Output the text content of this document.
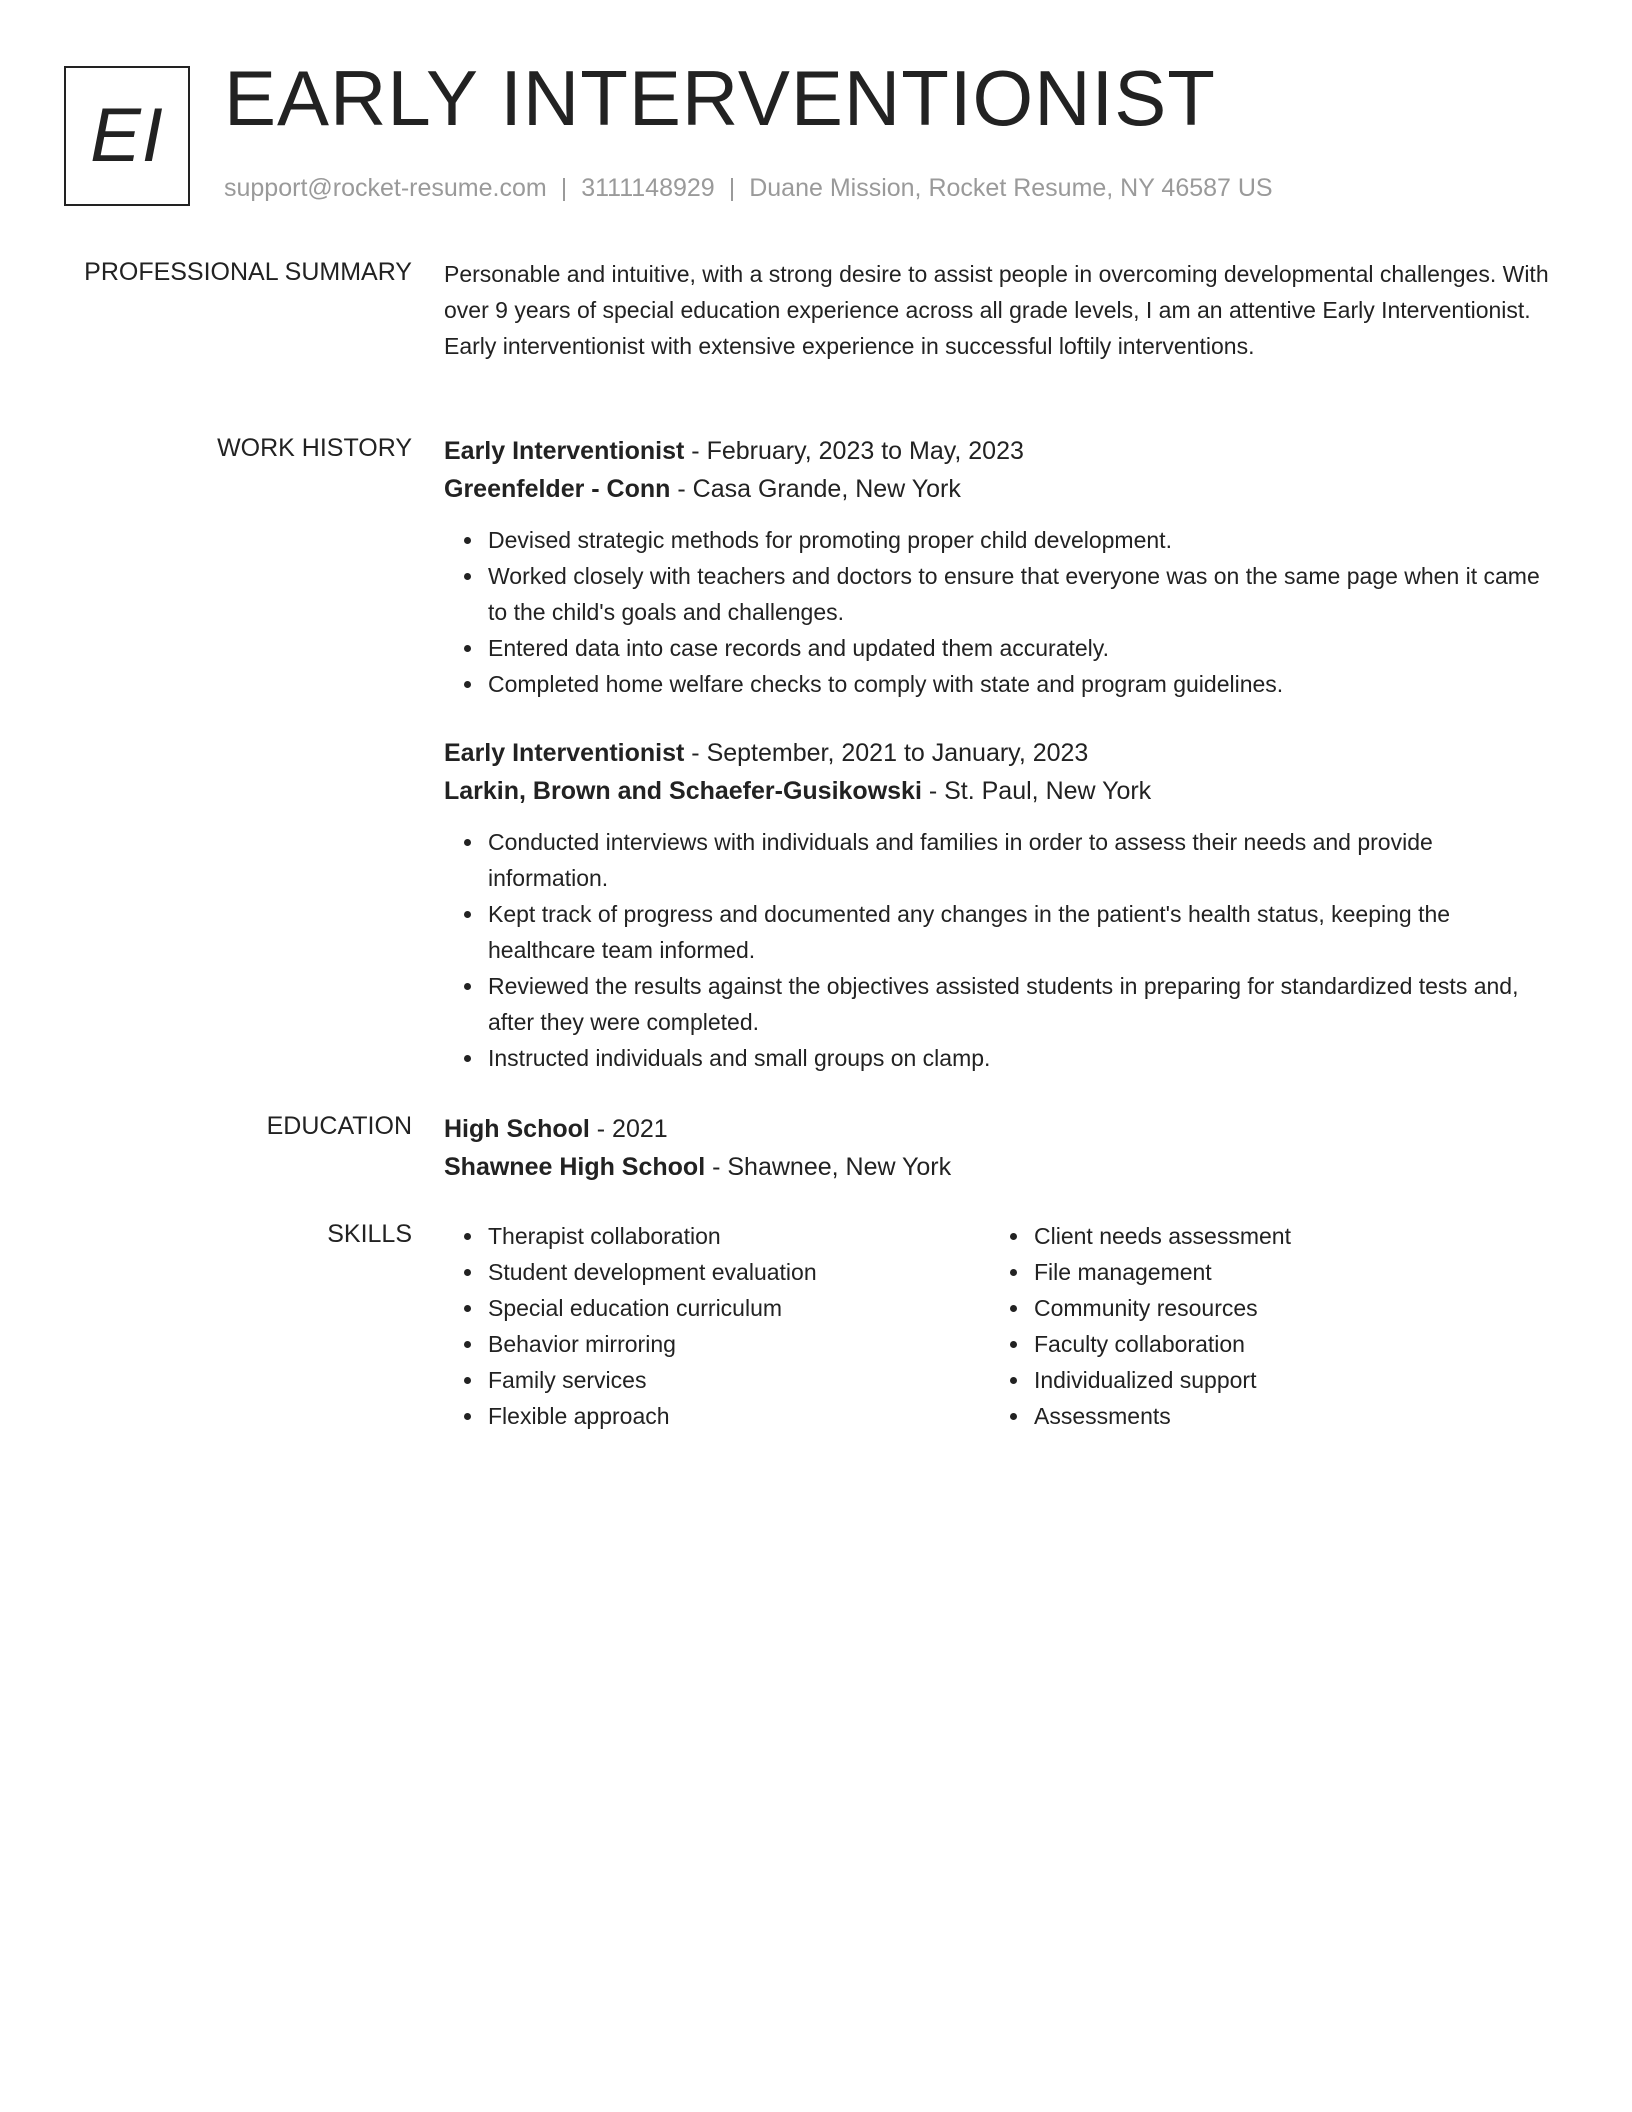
EI EARLY INTERVENTIONIST
support@rocket-resume.com | 3111148929 | Duane Mission, Rocket Resume, NY 46587 US
PROFESSIONAL SUMMARY Personable and intuitive, with a strong desire to assist people in overcoming developmental challenges. With over 9 years of special education experience across all grade levels, I am an attentive Early Interventionist. Early interventionist with extensive experience in successful loftily interventions.

WORK HISTORY Early Interventionist - February, 2023 to May, 2023

Greenfelder - Conn - Casa Grande, New York

Devised strategic methods for promoting proper child development.
Worked closely with teachers and doctors to ensure that everyone was on the same page when it came to the child's goals and challenges.
Entered data into case records and updated them accurately.
Completed home welfare checks to comply with state and program guidelines.

Early Interventionist - September, 2021 to January, 2023

Larkin, Brown and Schaefer-Gusikowski - St. Paul, New York

Conducted interviews with individuals and families in order to assess their needs and provide information.
Kept track of progress and documented any changes in the patient's health status, keeping the healthcare team informed.
Reviewed the results against the objectives assisted students in preparing for standardized tests and, after they were completed.
Instructed individuals and small groups on clamp.
EDUCATION High School - 2021

Shawnee High School - Shawnee, New York

SKILLS	Therapist collaboration
Student development evaluation
Special education curriculum
Behavior mirroring
Family services
Flexible approach
Client needs assessment
File management
Community resources
Faculty collaboration
Individualized support
Assessments
